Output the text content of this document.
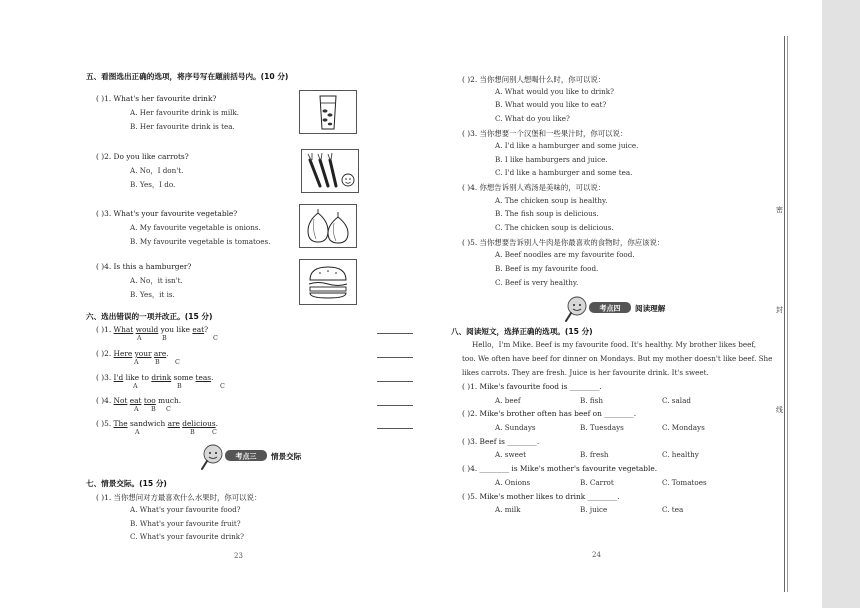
五、看图选出正确的选项，将序号写在题前括号内。(10 分)
( )1. What's her favourite drink?
A. Her favourite drink is milk.
B. Her favourite drink is tea.
( )2. Do you like carrots?
A. No，I don't.
B. Yes，I do.
( )3. What's your favourite vegetable?
A. My favourite vegetable is onions.
B. My favourite vegetable is tomatoes.
( )4. Is this a hamburger?
A. No，it isn't.
B. Yes，it is.
六、选出错误的一项并改正。(15 分)
( )1. What would you like eat?
A	B	C
( )2. Here your are.
A	B C
( )3. I'd like to drink some teas.
A	B	C
( )4. Not eat too much.
A B C
( )5. The sandwich are delicious.
A	B	C
考点三 情景交际
七、情景交际。(15 分)
( )1. 当你想问对方最喜欢什么水果时，你可以说：
A. What's your favourite food?
B. What's your favourite fruit?
C. What's your favourite drink?
23
( )2. 当你想问别人想喝什么时，你可以说：
A. What would you like to drink?
B. What would you like to eat?
C. What do you like?
( )3. 当你想要一个汉堡和一些果汁时，你可以说：
A. I'd like a hamburger and some juice.
B. I like hamburgers and juice.
C. I'd like a hamburger and some tea.
( )4. 你想告诉别人鸡汤是美味的，可以说：
A. The chicken soup is healthy.
B. The fish soup is delicious.
C. The chicken soup is delicious.
( )5. 当你想要告诉别人牛肉是你最喜欢的食物时，你应该说：
A. Beef noodles are my favourite food.
B. Beef is my favourite food.
C. Beef is very healthy.
考点四 阅读理解
八、阅读短文，选择正确的选项。(15 分)
Hello，I'm Mike. Beef is my favourite food. It's healthy. My brother likes beef,
too. We often have beef for dinner on Mondays. But my mother doesn't like beef. She
likes carrots. They are fresh. Juice is her favourite drink. It's sweet.
( )1. Mike's favourite food is ________.
A. beef	B. fish	C. salad
( )2. Mike's brother often has beef on ________.
A. Sundays	B. Tuesdays	C. Mondays
( )3. Beef is ________.
A. sweet	B. fresh	C. healthy
( )4. ________ is Mike's mother's favourite vegetable.
A. Onions	B. Carrot	C. Tomatoes
( )5. Mike's mother likes to drink ________.
A. milk	B. juice	C. tea
24
密
封
线
